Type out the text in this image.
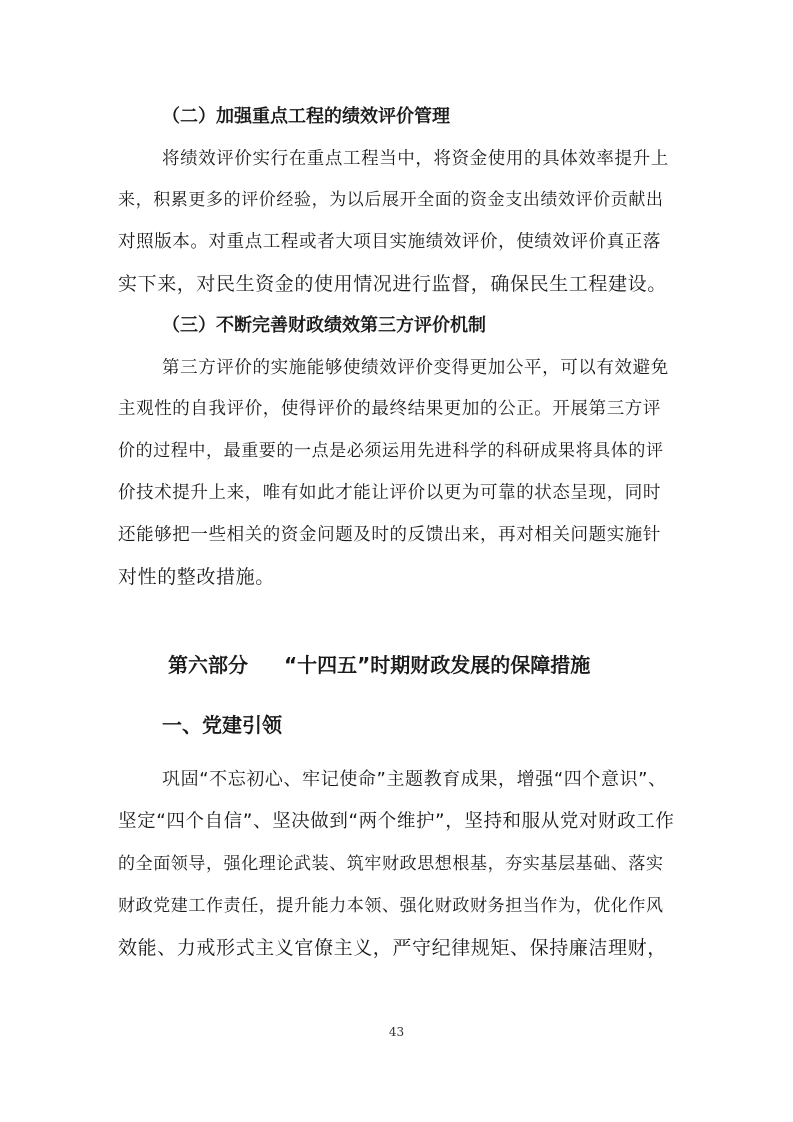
（二）加强重点工程的绩效评价管理
将绩效评价实行在重点工程当中，将资金使用的具体效率提升上
来，积累更多的评价经验，为以后展开全面的资金支出绩效评价贡献出
对照版本。对重点工程或者大项目实施绩效评价，使绩效评价真正落
实下来，对民生资金的使用情况进行监督，确保民生工程建设。
（三）不断完善财政绩效第三方评价机制
第三方评价的实施能够使绩效评价变得更加公平，可以有效避免
主观性的自我评价，使得评价的最终结果更加的公正。开展第三方评
价的过程中，最重要的一点是必须运用先进科学的科研成果将具体的评
价技术提升上来，唯有如此才能让评价以更为可靠的状态呈现，同时
还能够把一些相关的资金问题及时的反馈出来，再对相关问题实施针
对性的整改措施。
第六部分 “十四五”时期财政发展的保障措施
一、党建引领
巩固“不忘初心、牢记使命”主题教育成果，增强“四个意识”、
坚定“四个自信”、坚决做到“两个维护”，坚持和服从党对财政工作
的全面领导，强化理论武装、筑牢财政思想根基，夯实基层基础、落实
财政党建工作责任，提升能力本领、强化财政财务担当作为，优化作风
效能、力戒形式主义官僚主义，严守纪律规矩、保持廉洁理财，
43
